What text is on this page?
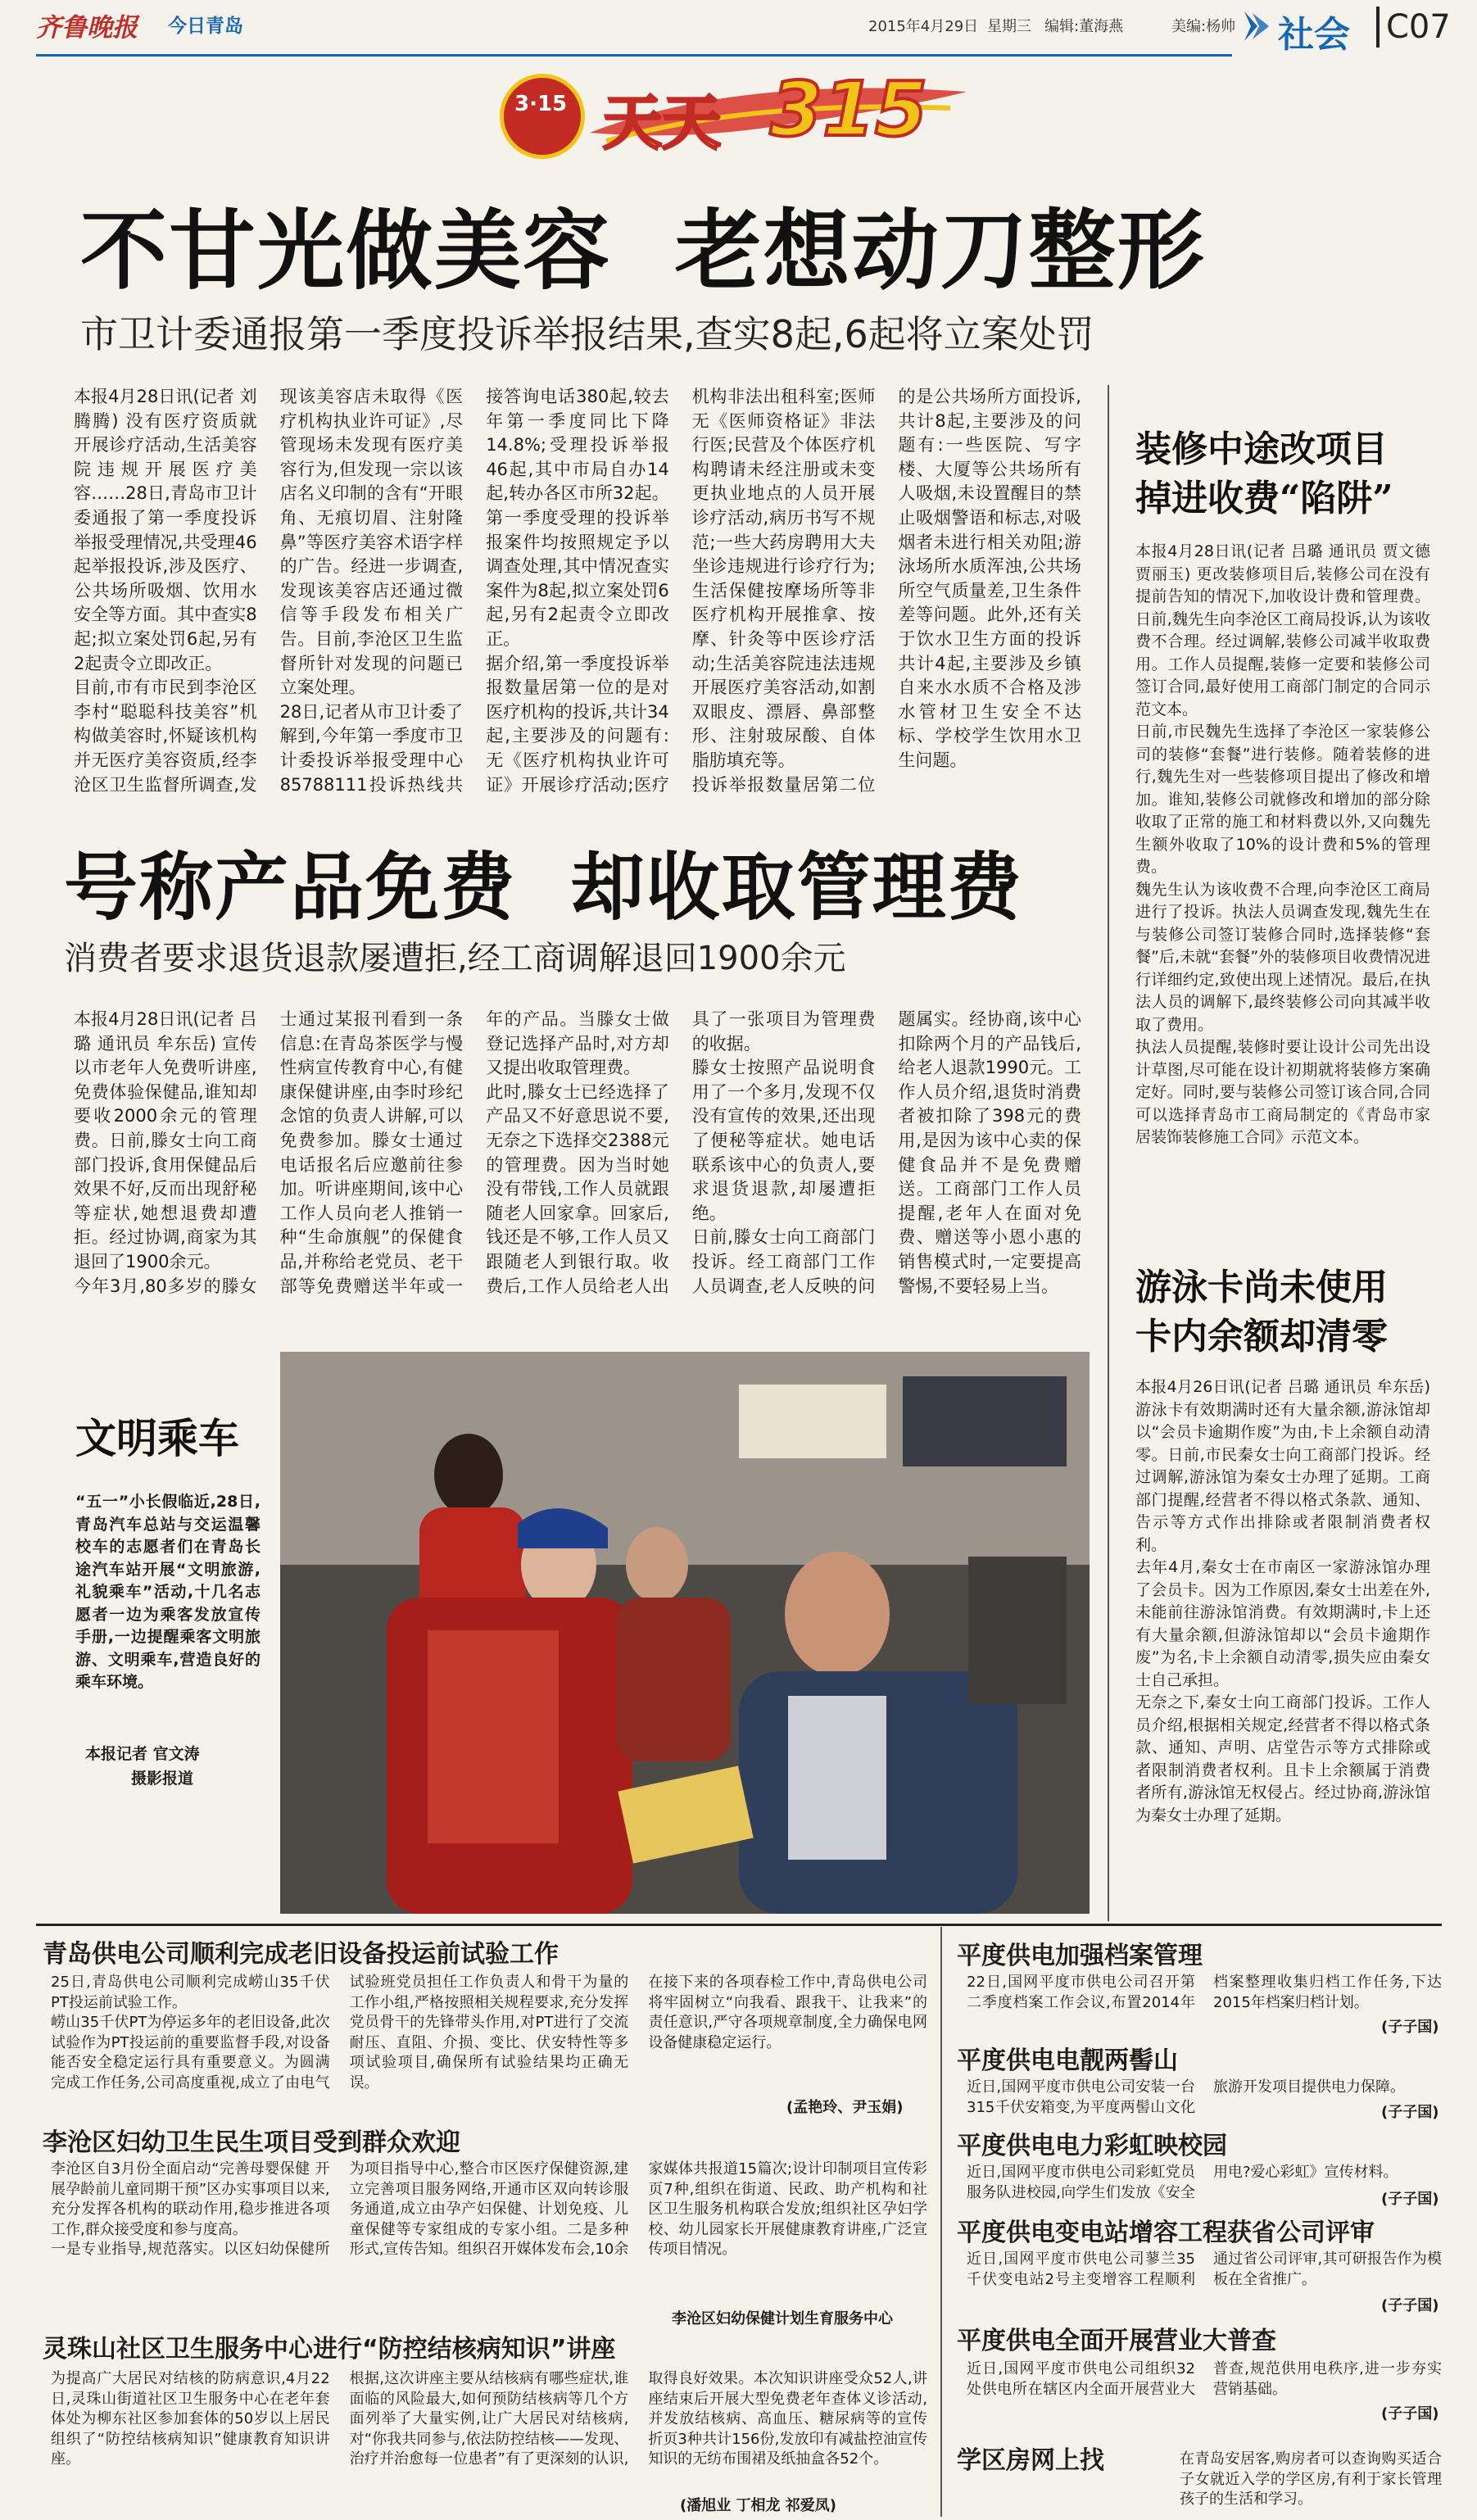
齐鲁晚报 今日青岛	2015年4月29日 星期三 编辑:董海燕	美编:杨帅 社会 C07
3·15 天天 315
不甘光做美容  老想动刀整形
市卫计委通报第一季度投诉举报结果,查实8起,6起将立案处罚
本报4月28日讯(记者 刘腾腾) 没有医疗资质就开展诊疗活动,生活美容院违规开展医疗美容……28日,青岛市卫计委通报了第一季度投诉举报受理情况,共受理46起举报投诉,涉及医疗、公共场所吸烟、饮用水安全等方面。其中查实8起;拟立案处罚6起,另有2起责令立即改正。
目前,市有市民到李沧区李村“聪聪科技美容”机构做美容时,怀疑该机构并无医疗美容资质,经李沧区卫生监督所调查,发现该美容店未取得《医疗机构执业许可证》,尽管现场未发现有医疗美容行为,但发现一宗以该店名义印制的含有“开眼角、无痕切眉、注射隆鼻”等医疗美容术语字样的广告。经进一步调查,发现该美容店还通过微信等手段发布相关广告。目前,李沧区卫生监督所针对发现的问题已立案处理。
28日,记者从市卫计委了解到,今年第一季度市卫计委投诉举报受理中心85788111投诉热线共接答询电话380起,较去年第一季度同比下降14.8%;受理投诉举报46起,其中市局自办14起,转办各区市所32起。第一季度受理的投诉举报案件均按照规定予以调查处理,其中情况查实案件为8起,拟立案处罚6起,另有2起责令立即改正。
据介绍,第一季度投诉举报数量居第一位的是对医疗机构的投诉,共计34起,主要涉及的问题有:无《医疗机构执业许可证》开展诊疗活动;医疗机构非法出租科室;医师无《医师资格证》非法行医;民营及个体医疗机构聘请未经注册或未变更执业地点的人员开展诊疗活动,病历书写不规范;一些大药房聘用大夫坐诊违规进行诊疗行为;生活保健按摩场所等非医疗机构开展推拿、按摩、针灸等中医诊疗活动;生活美容院违法违规开展医疗美容活动,如割双眼皮、漂唇、鼻部整形、注射玻尿酸、自体脂肪填充等。
投诉举报数量居第二位的是公共场所方面投诉,共计8起,主要涉及的问题有:一些医院、写字楼、大厦等公共场所有人吸烟,未设置醒目的禁止吸烟警语和标志,对吸烟者未进行相关劝阻;游泳场所水质浑浊,公共场所空气质量差,卫生条件差等问题。此外,还有关于饮水卫生方面的投诉共计4起,主要涉及乡镇自来水水质不合格及涉水管材卫生安全不达标、学校学生饮用水卫生问题。
装修中途改项目
掉进收费“陷阱”
本报4月28日讯(记者 吕璐 通讯员 贾文德 贾丽玉) 更改装修项目后,装修公司在没有提前告知的情况下,加收设计费和管理费。日前,魏先生向李沧区工商局投诉,认为该收费不合理。经过调解,装修公司减半收取费用。工作人员提醒,装修一定要和装修公司签订合同,最好使用工商部门制定的合同示范文本。
日前,市民魏先生选择了李沧区一家装修公司的装修“套餐”进行装修。随着装修的进行,魏先生对一些装修项目提出了修改和增加。谁知,装修公司就修改和增加的部分除收取了正常的施工和材料费以外,又向魏先生额外收取了10%的设计费和5%的管理费。
魏先生认为该收费不合理,向李沧区工商局进行了投诉。执法人员调查发现,魏先生在与装修公司签订装修合同时,选择装修“套餐”后,未就“套餐”外的装修项目收费情况进行详细约定,致使出现上述情况。最后,在执法人员的调解下,最终装修公司向其减半收取了费用。
执法人员提醒,装修时要让设计公司先出设计草图,尽可能在设计初期就将装修方案确定好。同时,要与装修公司签订该合同,合同可以选择青岛市工商局制定的《青岛市家居装饰装修施工合同》示范文本。
游泳卡尚未使用
卡内余额却清零
本报4月26日讯(记者 吕璐 通讯员 牟东岳) 游泳卡有效期满时还有大量余额,游泳馆却以“会员卡逾期作废”为由,卡上余额自动清零。日前,市民秦女士向工商部门投诉。经过调解,游泳馆为秦女士办理了延期。工商部门提醒,经营者不得以格式条款、通知、告示等方式作出排除或者限制消费者权利。
去年4月,秦女士在市南区一家游泳馆办理了会员卡。因为工作原因,秦女士出差在外,未能前往游泳馆消费。有效期满时,卡上还有大量余额,但游泳馆却以“会员卡逾期作废”为名,卡上余额自动清零,损失应由秦女士自己承担。
无奈之下,秦女士向工商部门投诉。工作人员介绍,根据相关规定,经营者不得以格式条款、通知、声明、店堂告示等方式排除或者限制消费者权利。且卡上余额属于消费者所有,游泳馆无权侵占。经过协商,游泳馆为秦女士办理了延期。
号称产品免费  却收取管理费
消费者要求退货退款屡遭拒,经工商调解退回1900余元
本报4月28日讯(记者 吕璐 通讯员 牟东岳) 宣传以市老年人免费听讲座,免费体验保健品,谁知却要收2000余元的管理费。日前,滕女士向工商部门投诉,食用保健品后效果不好,反而出现舒秘等症状,她想退费却遭拒。经过协调,商家为其退回了1900余元。
今年3月,80多岁的滕女士通过某报刊看到一条信息:在青岛茶医学与慢性病宣传教育中心,有健康保健讲座,由李时珍纪念馆的负责人讲解,可以免费参加。滕女士通过电话报名后应邀前往参加。听讲座期间,该中心工作人员向老人推销一种“生命旗舰”的保健食品,并称给老党员、老干部等免费赠送半年或一年的产品。当滕女士做登记选择产品时,对方却又提出收取管理费。
此时,滕女士已经选择了产品又不好意思说不要,无奈之下选择交2388元的管理费。因为当时她没有带钱,工作人员就跟随老人回家拿。回家后,钱还是不够,工作人员又跟随老人到银行取。收费后,工作人员给老人出具了一张项目为管理费的收据。
滕女士按照产品说明食用了一个多月,发现不仅没有宣传的效果,还出现了便秘等症状。她电话联系该中心的负责人,要求退货退款,却屡遭拒绝。
日前,滕女士向工商部门投诉。经工商部门工作人员调查,老人反映的问题属实。经协商,该中心扣除两个月的产品钱后,给老人退款1990元。工作人员介绍,退货时消费者被扣除了398元的费用,是因为该中心卖的保健食品并不是免费赠送。工商部门工作人员提醒,老年人在面对免费、赠送等小恩小惠的销售模式时,一定要提高警惕,不要轻易上当。
文明乘车
“五一”小长假临近,28日,青岛汽车总站与交运温馨校车的志愿者们在青岛长途汽车站开展“文明旅游,礼貌乘车”活动,十几名志愿者一边为乘客发放宣传手册,一边提醒乘客文明旅游、文明乘车,营造良好的乘车环境。
本报记者 官文涛
摄影报道
青岛供电公司顺利完成老旧设备投运前试验工作
25日,青岛供电公司顺利完成崂山35千伏PT投运前试验工作。
崂山35千伏PT为停运多年的老旧设备,此次试验作为PT投运前的重要监督手段,对设备能否安全稳定运行具有重要意义。为圆满完成工作任务,公司高度重视,成立了由电气试验班党员担任工作负责人和骨干为量的工作小组,严格按照相关规程要求,充分发挥党员骨干的先锋带头作用,对PT进行了交流耐压、直阻、介损、变比、伏安特性等多项试验项目,确保所有试验结果均正确无误。
在接下来的各项春检工作中,青岛供电公司将牢固树立“向我看、跟我干、让我来”的责任意识,严守各项规章制度,全力确保电网设备健康稳定运行。
(孟艳玲、尹玉娟)
李沧区妇幼卫生民生项目受到群众欢迎
李沧区自3月份全面启动“完善母婴保健 开展孕龄前儿童同期干预”区办实事项目以来,充分发挥各机构的联动作用,稳步推进各项工作,群众接受度和参与度高。
一是专业指导,规范落实。以区妇幼保健所为项目指导中心,整合市区医疗保健资源,建立完善项目服务网络,开通市区双向转诊服务通道,成立由孕产妇保健、计划免疫、儿童保健等专家组成的专家小组。二是多种形式,宣传告知。组织召开媒体发布会,10余家媒体共报道15篇次;设计印制项目宣传彩页7种,组织在街道、民政、助产机构和社区卫生服务机构联合发放;组织社区孕妇学校、幼儿园家长开展健康教育讲座,广泛宣传项目情况。
李沧区妇幼保健计划生育服务中心
灵珠山社区卫生服务中心进行“防控结核病知识”讲座
为提高广大居民对结核的防病意识,4月22日,灵珠山街道社区卫生服务中心在老年套体处为柳东社区参加套体的50岁以上居民组织了“防控结核病知识”健康教育知识讲座。
根据,这次讲座主要从结核病有哪些症状,谁面临的风险最大,如何预防结核病等几个方面列举了大量实例,让广大居民对结核病,对“你我共同参与,依法防控结核——发现、治疗并治愈每一位患者”有了更深刻的认识,取得良好效果。本次知识讲座受众52人,讲座结束后开展大型免费老年查体义诊活动,并发放结核病、高血压、糖尿病等的宣传折页3种共计156份,发放印有减盐控油宣传知识的无纺布围裙及纸抽盒各52个。
(潘旭业 丁相龙 祁爱凤)
平度供电加强档案管理
22日,国网平度市供电公司召开第二季度档案工作会议,布置2014年档案整理收集归档工作任务,下达2015年档案归档计划。
(子子国)
平度供电电靓两髻山
近日,国网平度市供电公司安装一台315千伏安箱变,为平度两髻山文化旅游开发项目提供电力保障。
(子子国)
平度供电电力彩虹映校园
近日,国网平度市供电公司彩虹党员服务队进校园,向学生们发放《安全用电?爱心彩虹》宣传材料。
(子子国)
平度供电变电站增容工程获省公司评审
近日,国网平度市供电公司蓼兰35千伏变电站2号主变增容工程顺利通过省公司评审,其可研报告作为模板在全省推广。
(子子国)
平度供电全面开展营业大普查
近日,国网平度市供电公司组织32处供电所在辖区内全面开展营业大普查,规范供用电秩序,进一步夯实营销基础。
(子子国)
学区房网上找	在青岛安居客,购房者可以查询购买适合子女就近入学的学区房,有利于家长管理孩子的生活和学习。
